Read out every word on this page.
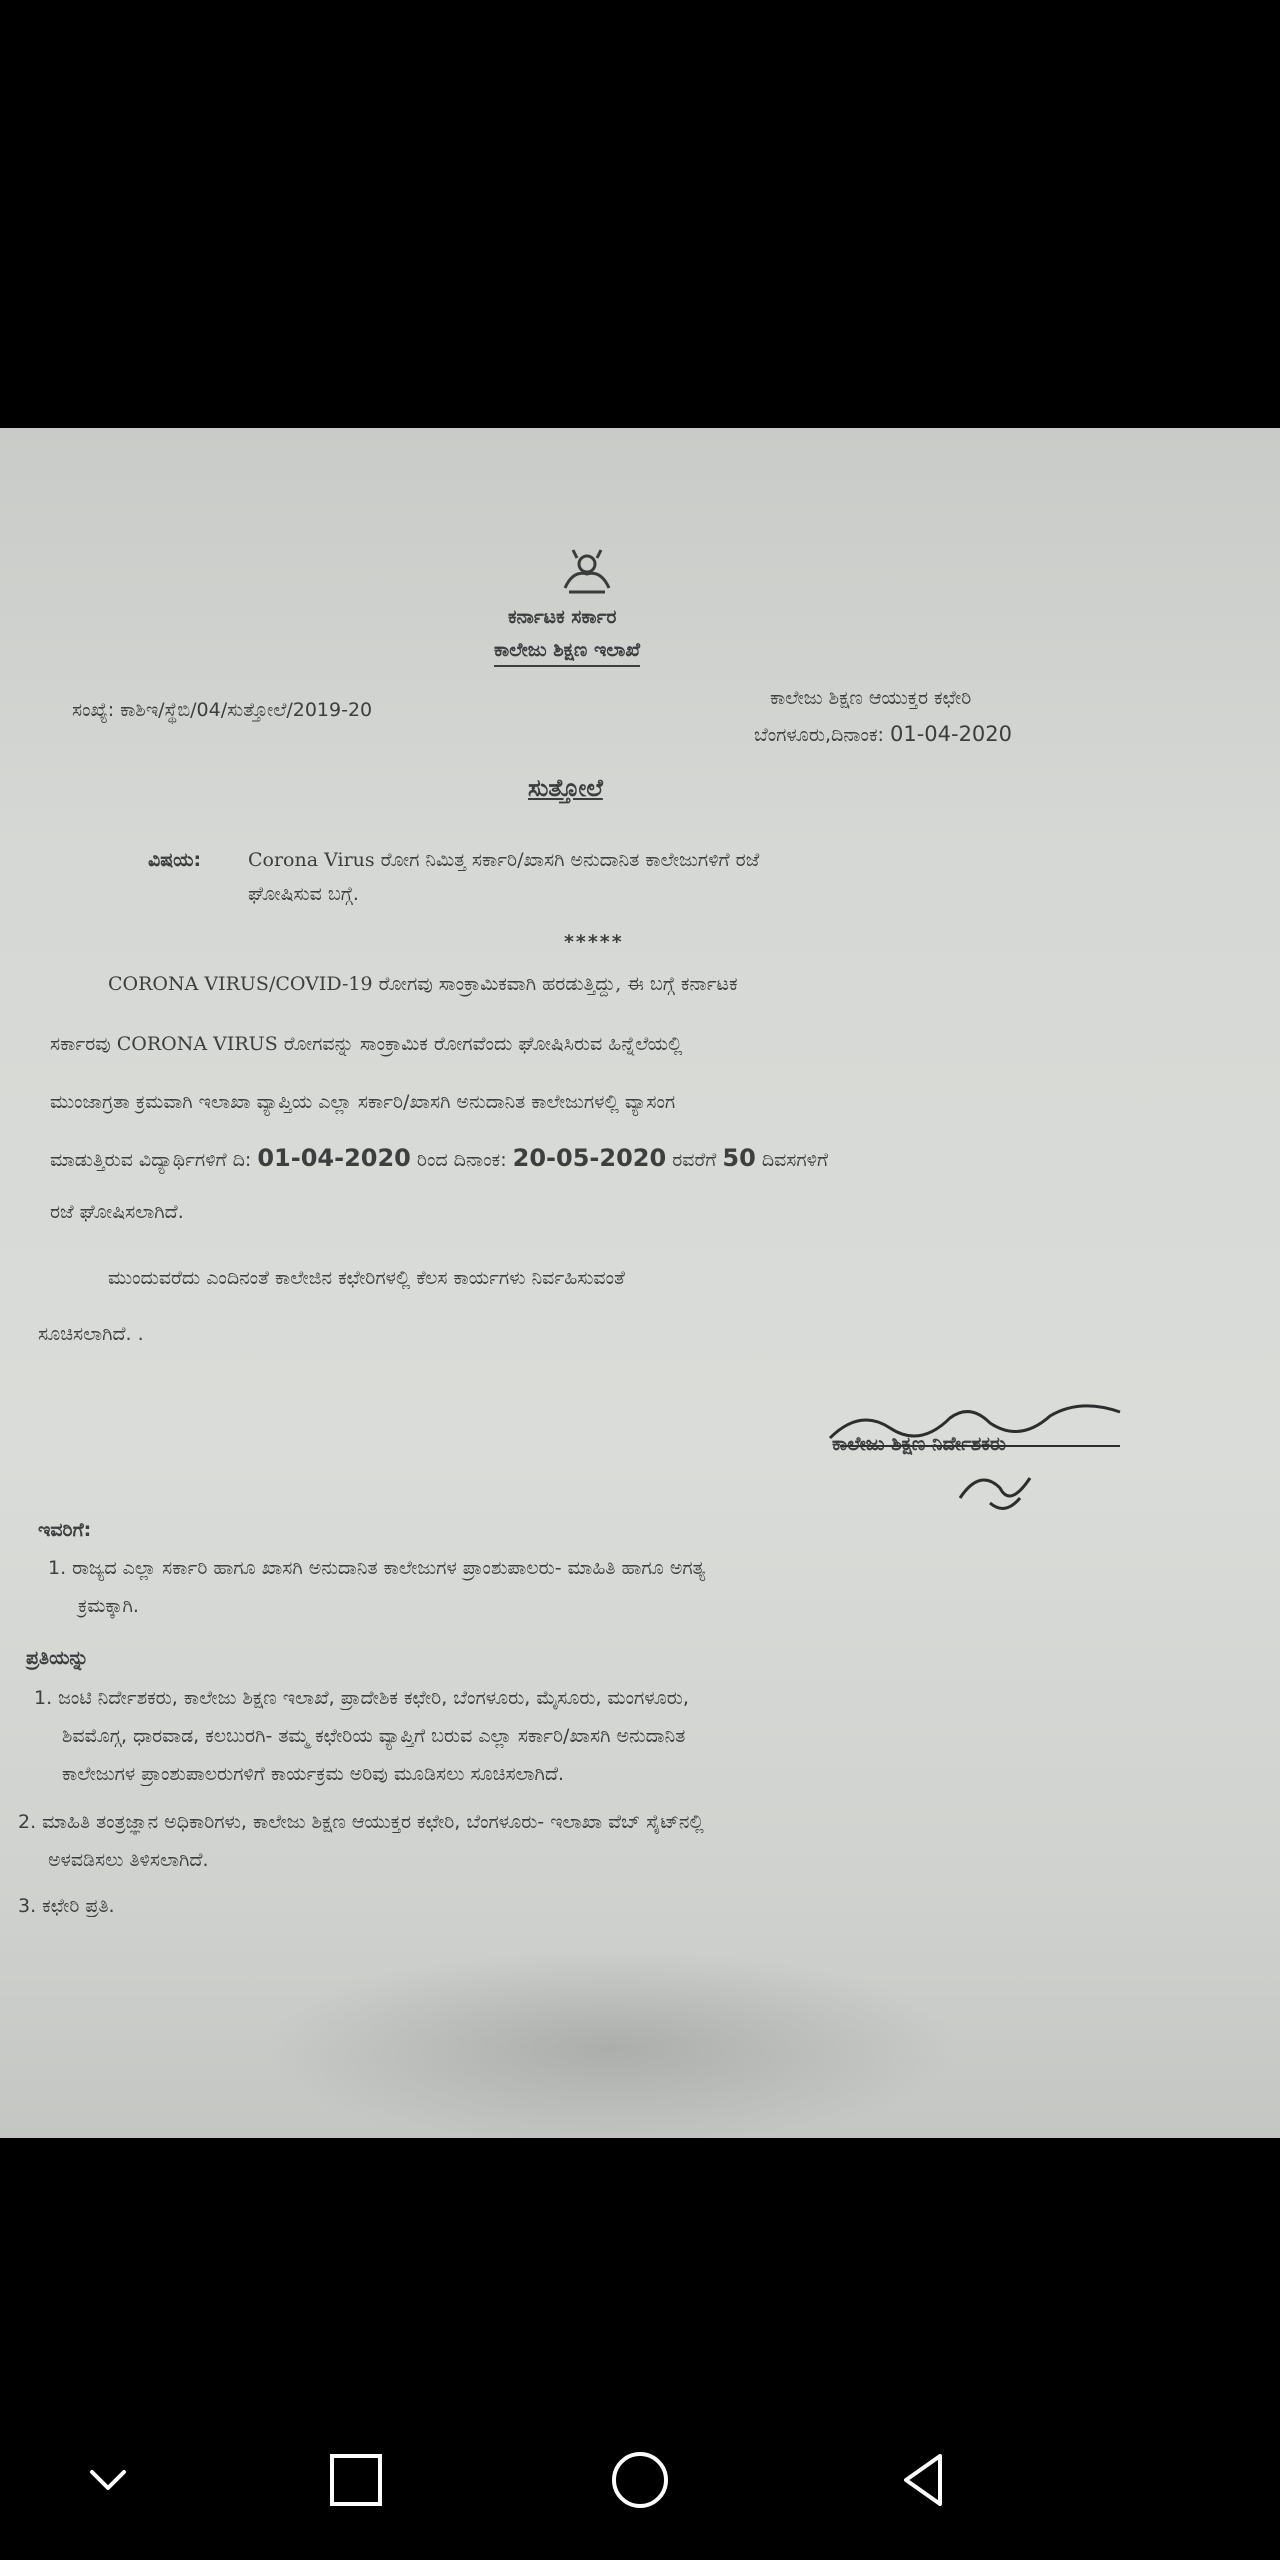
ಕರ್ನಾಟಕ ಸರ್ಕಾರ
ಕಾಲೇಜು ಶಿಕ್ಷಣ ಇಲಾಖೆ
ಸಂಖ್ಯೆ: ಕಾಶಿಇ/ಸ್ಥೆಬಿ/04/ಸುತ್ತೋಲೆ/2019-20
ಕಾಲೇಜು ಶಿಕ್ಷಣ ಆಯುಕ್ತರ ಕಛೇರಿ
ಬೆಂಗಳೂರು,ದಿನಾಂಕ: 01-04-2020
ಸುತ್ತೋಲೆ
ವಿಷಯ: Corona Virus ರೋಗ ನಿಮಿತ್ತ ಸರ್ಕಾರಿ/ಖಾಸಗಿ ಅನುದಾನಿತ ಕಾಲೇಜುಗಳಿಗೆ ರಜೆ
ಘೋಷಿಸುವ ಬಗ್ಗೆ.
*****
CORONA VIRUS/COVID-19 ರೋಗವು ಸಾಂಕ್ರಾಮಿಕವಾಗಿ ಹರಡುತ್ತಿದ್ದು, ಈ ಬಗ್ಗೆ ಕರ್ನಾಟಕ
ಸರ್ಕಾರವು CORONA VIRUS ರೋಗವನ್ನು ಸಾಂಕ್ರಾಮಿಕ ರೋಗವೆಂದು ಘೋಷಿಸಿರುವ ಹಿನ್ನೆಲೆಯಲ್ಲಿ
ಮುಂಜಾಗ್ರತಾ ಕ್ರಮವಾಗಿ ಇಲಾಖಾ ವ್ಯಾಪ್ತಿಯ ಎಲ್ಲಾ ಸರ್ಕಾರಿ/ಖಾಸಗಿ ಅನುದಾನಿತ ಕಾಲೇಜುಗಳಲ್ಲಿ ವ್ಯಾಸಂಗ
ಮಾಡುತ್ತಿರುವ ವಿದ್ಯಾರ್ಥಿಗಳಿಗೆ ದಿ: 01-04-2020 ರಿಂದ ದಿನಾಂಕ: 20-05-2020 ರವರೆಗೆ 50 ದಿವಸಗಳಿಗೆ
ರಜೆ ಘೋಷಿಸಲಾಗಿದೆ.
ಮುಂದುವರೆದು ಎಂದಿನಂತೆ ಕಾಲೇಜಿನ ಕಛೇರಿಗಳಲ್ಲಿ ಕೆಲಸ ಕಾರ್ಯಗಳು ನಿರ್ವಹಿಸುವಂತೆ
ಸೂಚಿಸಲಾಗಿದೆ. .
ಕಾಲೇಜು ಶಿಕ್ಷಣ ನಿರ್ದೇಶಕರು
ಇವರಿಗೆ:
1. ರಾಜ್ಯದ ಎಲ್ಲಾ ಸರ್ಕಾರಿ ಹಾಗೂ ಖಾಸಗಿ ಅನುದಾನಿತ ಕಾಲೇಜುಗಳ ಪ್ರಾಂಶುಪಾಲರು- ಮಾಹಿತಿ ಹಾಗೂ ಅಗತ್ಯ
ಕ್ರಮಕ್ಕಾಗಿ.
ಪ್ರತಿಯನ್ನು
1. ಜಂಟಿ ನಿರ್ದೇಶಕರು, ಕಾಲೇಜು ಶಿಕ್ಷಣ ಇಲಾಖೆ, ಪ್ರಾದೇಶಿಕ ಕಛೇರಿ, ಬೆಂಗಳೂರು, ಮೈಸೂರು, ಮಂಗಳೂರು,
ಶಿವಮೊಗ್ಗ, ಧಾರವಾಡ, ಕಲಬುರಗಿ- ತಮ್ಮ ಕಛೇರಿಯ ವ್ಯಾಪ್ತಿಗೆ ಬರುವ ಎಲ್ಲಾ ಸರ್ಕಾರಿ/ಖಾಸಗಿ ಅನುದಾನಿತ
ಕಾಲೇಜುಗಳ ಪ್ರಾಂಶುಪಾಲರುಗಳಿಗೆ ಕಾರ್ಯಕ್ರಮ ಅರಿವು ಮೂಡಿಸಲು ಸೂಚಿಸಲಾಗಿದೆ.
2. ಮಾಹಿತಿ ತಂತ್ರಜ್ಞಾನ ಅಧಿಕಾರಿಗಳು, ಕಾಲೇಜು ಶಿಕ್ಷಣ ಆಯುಕ್ತರ ಕಛೇರಿ, ಬೆಂಗಳೂರು- ಇಲಾಖಾ ವೆಬ್ ಸೈಟ್‌ನಲ್ಲಿ
ಅಳವಡಿಸಲು ತಿಳಿಸಲಾಗಿದೆ.
3. ಕಛೇರಿ ಪ್ರತಿ.
